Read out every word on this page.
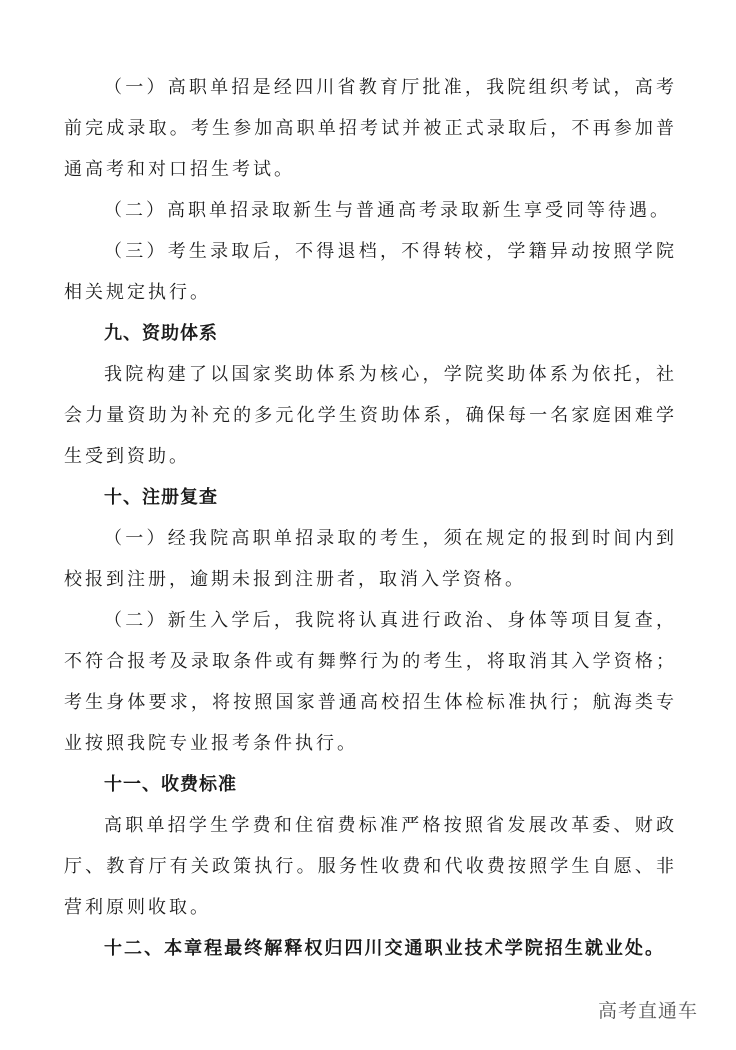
（一）高职单招是经四川省教育厅批准，我院组织考试，高考
前完成录取。考生参加高职单招考试并被正式录取后，不再参加普
通高考和对口招生考试。
（二）高职单招录取新生与普通高考录取新生享受同等待遇。
（三）考生录取后，不得退档，不得转校，学籍异动按照学院
相关规定执行。
九、资助体系
我院构建了以国家奖助体系为核心，学院奖助体系为依托，社
会力量资助为补充的多元化学生资助体系，确保每一名家庭困难学
生受到资助。
十、注册复查
（一）经我院高职单招录取的考生，须在规定的报到时间内到
校报到注册，逾期未报到注册者，取消入学资格。
（二）新生入学后，我院将认真进行政治、身体等项目复查，
不符合报考及录取条件或有舞弊行为的考生，将取消其入学资格；
考生身体要求，将按照国家普通高校招生体检标准执行；航海类专
业按照我院专业报考条件执行。
十一、收费标准
高职单招学生学费和住宿费标准严格按照省发展改革委、财政
厅、教育厅有关政策执行。服务性收费和代收费按照学生自愿、非
营利原则收取。
十二、本章程最终解释权归四川交通职业技术学院招生就业处。
高考直通车
